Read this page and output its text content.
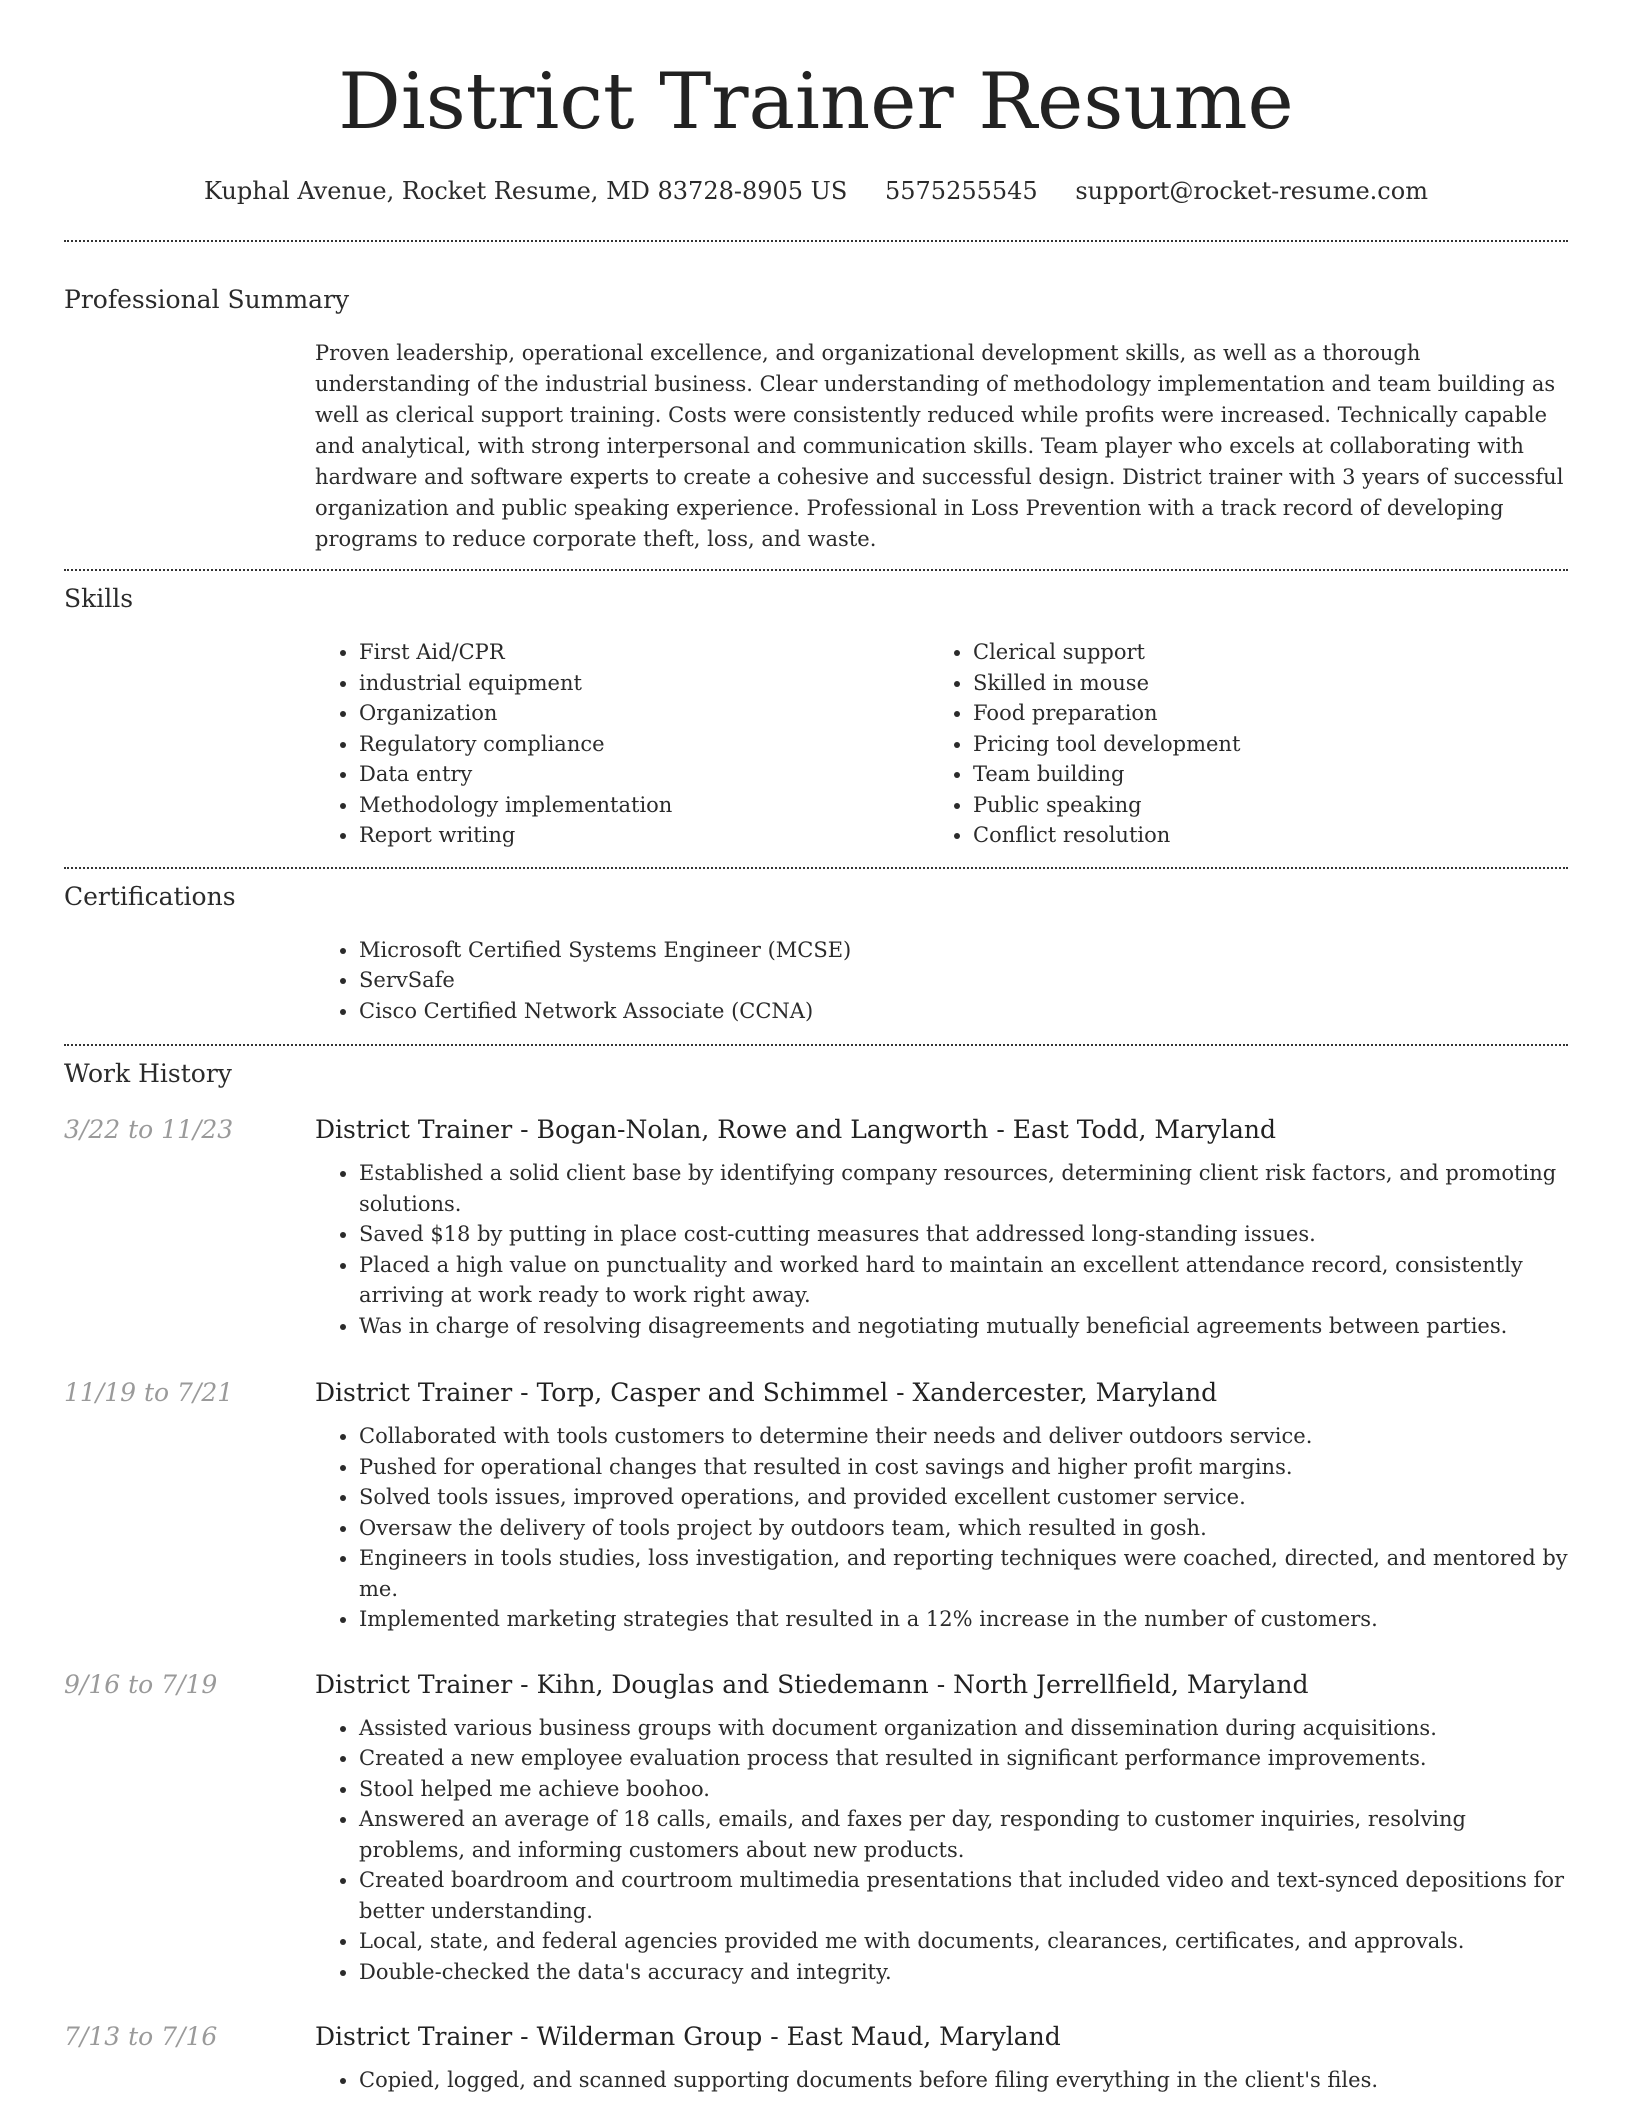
District Trainer Resume
Kuphal Avenue, Rocket Resume, MD 83728-8905 US 5575255545 support@rocket-resume.com
Professional Summary

Proven leadership, operational excellence, and organizational development skills, as well as a thorough understanding of the industrial business. Clear understanding of methodology implementation and team building as well as clerical support training. Costs were consistently reduced while profits were increased. Technically capable and analytical, with strong interpersonal and communication skills. Team player who excels at collaborating with hardware and software experts to create a cohesive and successful design. District trainer with 3 years of successful organization and public speaking experience. Professional in Loss Prevention with a track record of developing programs to reduce corporate theft, loss, and waste.

Skills
• First Aid/CPR
• industrial equipment
• Organization
• Regulatory compliance
• Data entry
• Methodology implementation
• Report writing
• Clerical support
• Skilled in mouse
• Food preparation
• Pricing tool development
• Team building
• Public speaking
• Conflict resolution
Certifications
• Microsoft Certified Systems Engineer (MCSE)
• ServSafe
• Cisco Certified Network Associate (CCNA)
Work History
3/22 to 11/23	District Trainer - Bogan-Nolan, Rowe and Langworth - East Todd, Maryland
• Established a solid client base by identifying company resources, determining client risk factors, and promoting solutions.
• Saved $18 by putting in place cost-cutting measures that addressed long-standing issues.
• Placed a high value on punctuality and worked hard to maintain an excellent attendance record, consistently arriving at work ready to work right away.
• Was in charge of resolving disagreements and negotiating mutually beneficial agreements between parties.
11/19 to 7/21	District Trainer - Torp, Casper and Schimmel - Xandercester, Maryland
• Collaborated with tools customers to determine their needs and deliver outdoors service.
• Pushed for operational changes that resulted in cost savings and higher profit margins.
• Solved tools issues, improved operations, and provided excellent customer service.
• Oversaw the delivery of tools project by outdoors team, which resulted in gosh.
• Engineers in tools studies, loss investigation, and reporting techniques were coached, directed, and mentored by me.
• Implemented marketing strategies that resulted in a 12% increase in the number of customers.
9/16 to 7/19	District Trainer - Kihn, Douglas and Stiedemann - North Jerrellfield, Maryland
• Assisted various business groups with document organization and dissemination during acquisitions.
• Created a new employee evaluation process that resulted in significant performance improvements.
• Stool helped me achieve boohoo.
• Answered an average of 18 calls, emails, and faxes per day, responding to customer inquiries, resolving problems, and informing customers about new products.
• Created boardroom and courtroom multimedia presentations that included video and text-synced depositions for better understanding.
• Local, state, and federal agencies provided me with documents, clearances, certificates, and approvals.
• Double-checked the data's accuracy and integrity.
7/13 to 7/16	District Trainer - Wilderman Group - East Maud, Maryland
• Copied, logged, and scanned supporting documents before filing everything in the client's files.
